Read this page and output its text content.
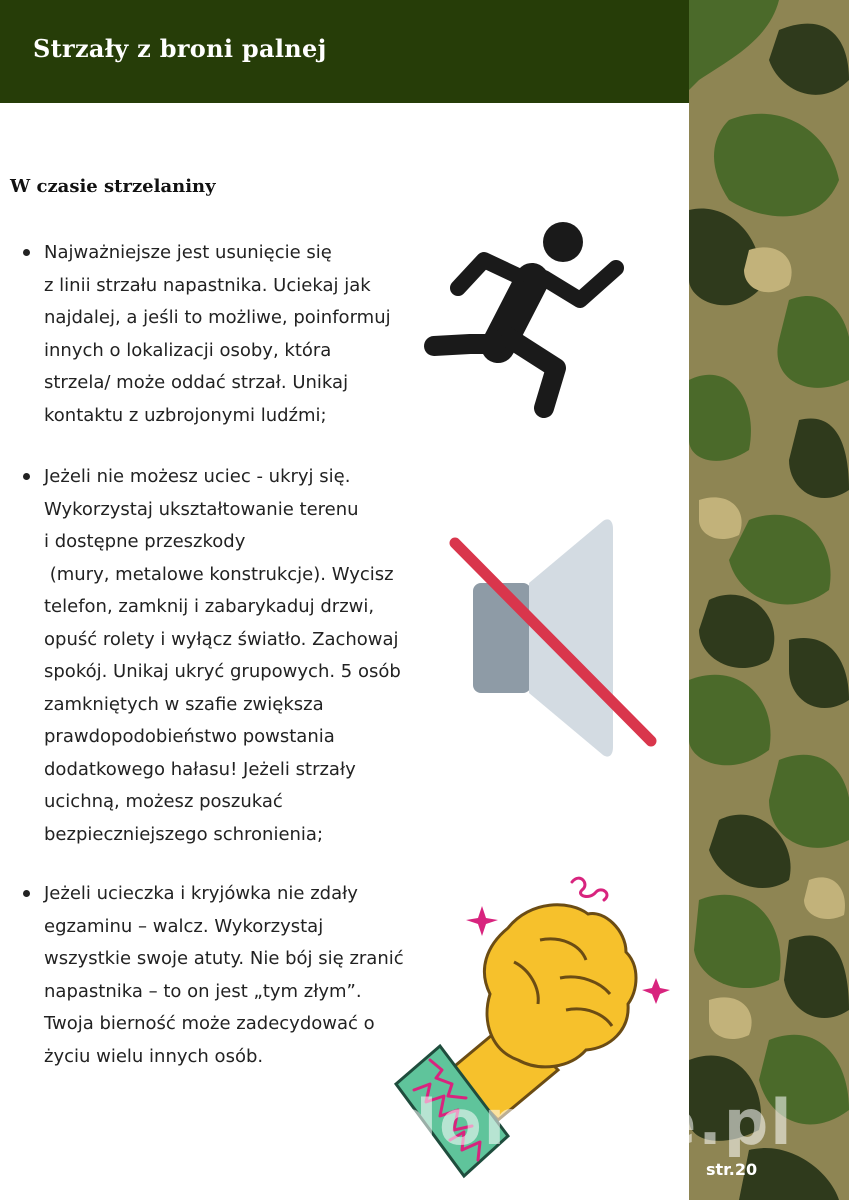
Strzały z broni palnej
W czasie strzelaniny
Najważniejsze jest usunięcie się
z linii strzału napastnika. Uciekaj jak
najdalej, a jeśli to możliwe, poinformuj
innych o lokalizacji osoby, która
strzela/ może oddać strzał. Unikaj
kontaktu z uzbrojonymi ludźmi;
Jeżeli nie możesz uciec - ukryj się.
Wykorzystaj ukształtowanie terenu
i dostępne przeszkody
(mury, metalowe konstrukcje). Wycisz
telefon, zamknij i zabarykaduj drzwi,
opuść rolety i wyłącz światło. Zachowaj
spokój. Unikaj ukryć grupowych. 5 osób
zamkniętych w szafie zwiększa
prawdopodobieństwo powstania
dodatkowego hałasu! Jeżeli strzały
ucichną, możesz poszukać
bezpieczniejszego schronienia;
Jeżeli ucieczka i kryjówka nie zdały
egzaminu – walcz. Wykorzystaj
wszystkie swoje atuty. Nie bój się zranić
napastnika – to on jest „tym złym”.
Twoja bierność może zadecydować o
życiu wielu innych osób.
wedlinydomowe.pl
str.20
